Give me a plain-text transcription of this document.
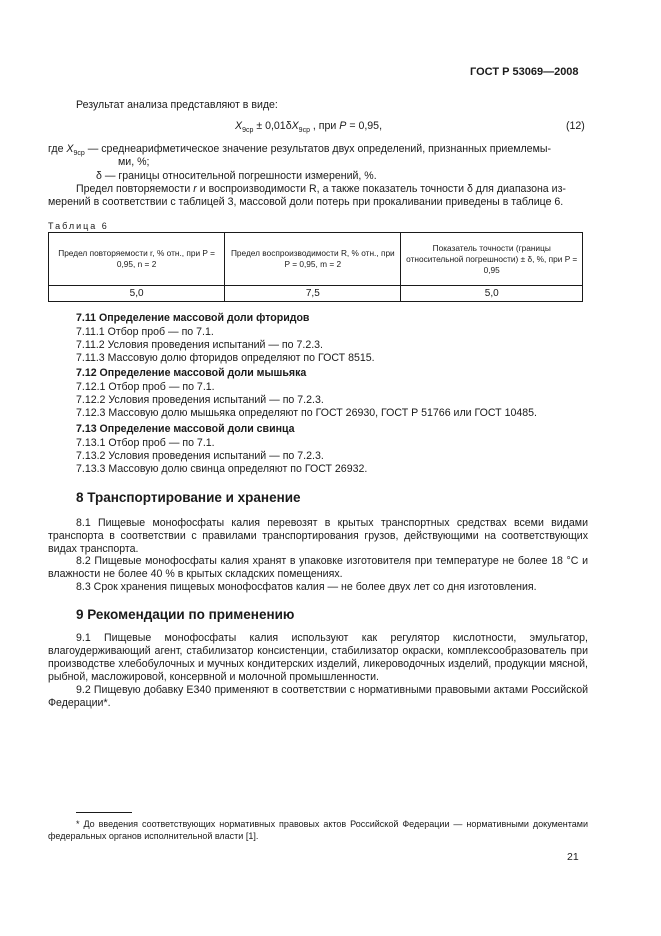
ГОСТ Р 53069—2008
Результат анализа представляют в виде:
$X_{9ср} \pm 0,01\delta X_{9ср}$ , при P = 0,95,	(12)
где $X_{9ср}$ — среднеарифметическое значение результатов двух определений, признанных приемлемы-
ми, %;
δ — границы относительной погрешности измерений, %.
Предел повторяемости r и воспроизводимости R, а также показатель точности δ для диапазона из-
мерений в соответствии с таблицей 3, массовой доли потерь при прокаливании приведены в таблице 6.
Таблица 6
Предел повторяемости r, % отн., при P = 0,95, n = 2	Предел воспроизводимости R, % отн., при P = 0,95, m = 2	Показатель точности (границы относительной погрешности) ± δ, %, при P = 0,95
5,0	7,5	5,0
7.11 Определение массовой доли фторидов
7.11.1 Отбор проб — по 7.1.
7.11.2 Условия проведения испытаний — по 7.2.3.
7.11.3 Массовую долю фторидов определяют по ГОСТ 8515.
7.12 Определение массовой доли мышьяка
7.12.1 Отбор проб — по 7.1.
7.12.2 Условия проведения испытаний — по 7.2.3.
7.12.3 Массовую долю мышьяка определяют по ГОСТ 26930, ГОСТ Р 51766 или ГОСТ 10485.
7.13 Определение массовой доли свинца
7.13.1 Отбор проб — по 7.1.
7.13.2 Условия проведения испытаний — по 7.2.3.
7.13.3 Массовую долю свинца определяют по ГОСТ 26932.
8 Транспортирование и хранение
8.1 Пищевые монофосфаты калия перевозят в крытых транспортных средствах всеми видами транспорта в соответствии с правилами транспортирования грузов, действующими на соответствующих видах транспорта.
8.2 Пищевые монофосфаты калия хранят в упаковке изготовителя при температуре не более 18 °C и влажности не более 40 % в крытых складских помещениях.
8.3 Срок хранения пищевых монофосфатов калия — не более двух лет со дня изготовления.
9 Рекомендации по применению
9.1 Пищевые монофосфаты калия используют как регулятор кислотности, эмульгатор, влагоудерживающий агент, стабилизатор консистенции, стабилизатор окраски, комплексообразователь при производстве хлебобулочных и мучных кондитерских изделий, ликероводочных изделий, продукции мясной, рыбной, масложировой, консервной и молочной промышленности.
9.2 Пищевую добавку Е340 применяют в соответствии с нормативными правовыми актами Российской Федерации*.
* До введения соответствующих нормативных правовых актов Российской Федерации — нормативными документами федеральных органов исполнительной власти [1].
21
